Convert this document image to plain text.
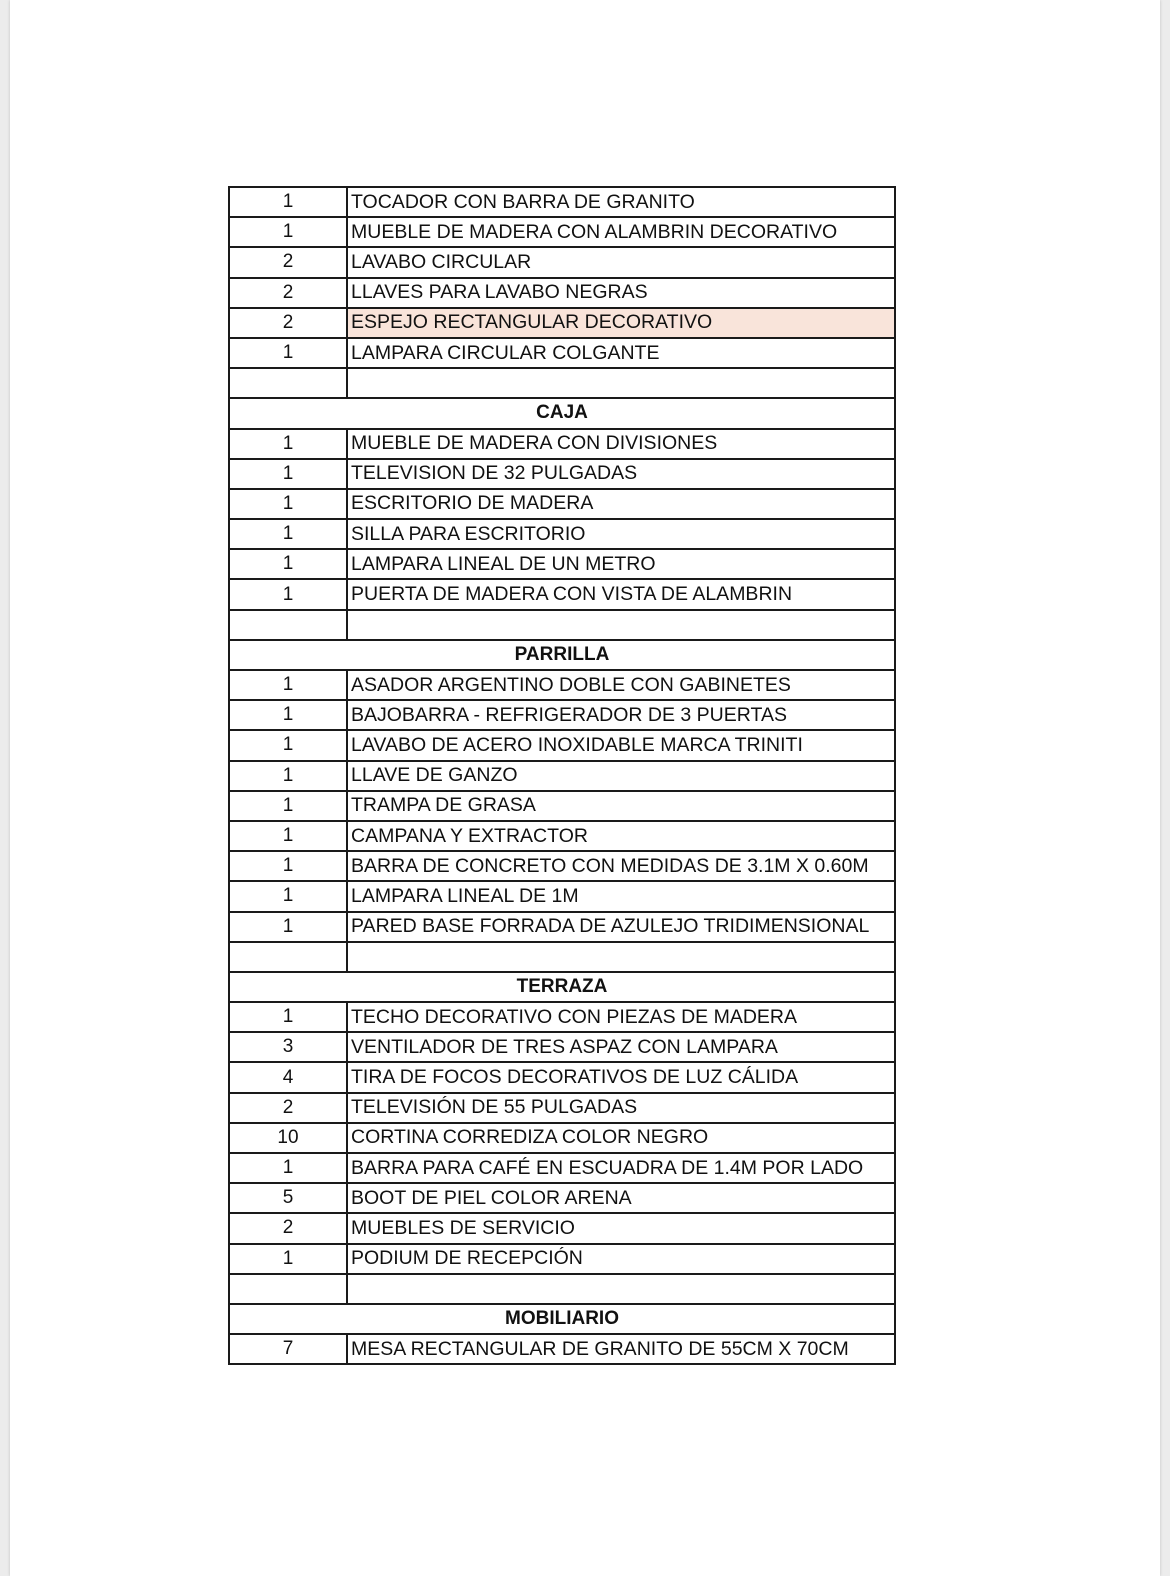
1	TOCADOR CON BARRA DE GRANITO
1	MUEBLE DE MADERA CON ALAMBRIN DECORATIVO
2	LAVABO CIRCULAR
2	LLAVES PARA LAVABO NEGRAS
2	ESPEJO RECTANGULAR DECORATIVO
1	LAMPARA CIRCULAR COLGANTE
CAJA
1	MUEBLE DE MADERA CON DIVISIONES
1	TELEVISION DE 32 PULGADAS
1	ESCRITORIO DE MADERA
1	SILLA PARA ESCRITORIO
1	LAMPARA LINEAL DE UN METRO
1	PUERTA DE MADERA CON VISTA DE ALAMBRIN
PARRILLA
1	ASADOR ARGENTINO DOBLE CON GABINETES
1	BAJOBARRA - REFRIGERADOR DE 3 PUERTAS
1	LAVABO DE ACERO INOXIDABLE MARCA TRINITI
1	LLAVE DE GANZO
1	TRAMPA DE GRASA
1	CAMPANA Y EXTRACTOR
1	BARRA DE CONCRETO CON MEDIDAS DE 3.1M X 0.60M
1	LAMPARA LINEAL DE 1M
1	PARED BASE FORRADA DE AZULEJO TRIDIMENSIONAL
TERRAZA
1	TECHO DECORATIVO CON PIEZAS DE MADERA
3	VENTILADOR DE TRES ASPAZ CON LAMPARA
4	TIRA DE FOCOS DECORATIVOS DE LUZ CÁLIDA
2	TELEVISIÓN DE 55 PULGADAS
10	CORTINA CORREDIZA COLOR NEGRO
1	BARRA PARA CAFÉ EN ESCUADRA DE 1.4M POR LADO
5	BOOT DE PIEL COLOR ARENA
2	MUEBLES DE SERVICIO
1	PODIUM DE RECEPCIÓN
MOBILIARIO
7	MESA RECTANGULAR DE GRANITO DE 55CM X 70CM
